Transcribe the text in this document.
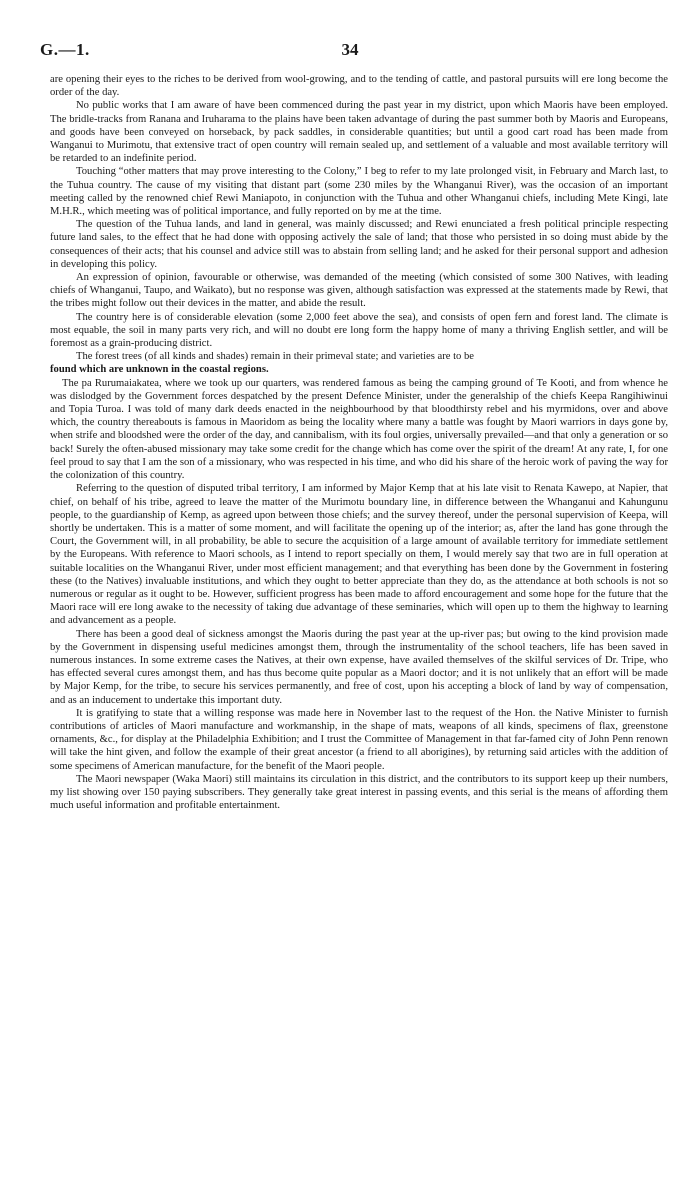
G.—1.	34

are opening their eyes to the riches to be derived from wool-growing, and to the tending of cattle, and pastoral pursuits will ere long become the order of the day.

No public works that I am aware of have been commenced during the past year in my district, upon which Maoris have been employed. The bridle-tracks from Ranana and Iruharama to the plains have been taken advantage of during the past summer both by Maoris and Europeans, and goods have been conveyed on horseback, by pack saddles, in considerable quantities; but until a good cart road has been made from Wanganui to Murimotu, that extensive tract of open country will remain sealed up, and settlement of a valuable and most available territory will be retarded to an indefinite period.

Touching “other matters that may prove interesting to the Colony,” I beg to refer to my late prolonged visit, in February and March last, to the Tuhua country. The cause of my visiting that distant part (some 230 miles by the Whanganui River), was the occasion of an important meeting called by the renowned chief Rewi Maniapoto, in conjunction with the Tuhua and other Whanganui chiefs, including Mete Kingi, late M.H.R., which meeting was of political importance, and fully reported on by me at the time.

The question of the Tuhua lands, and land in general, was mainly discussed; and Rewi enunciated a fresh political principle respecting future land sales, to the effect that he had done with opposing actively the sale of land; that those who persisted in so doing must abide by the consequences of their acts; that his counsel and advice still was to abstain from selling land; and he asked for their personal support and adhesion in developing this policy.

An expression of opinion, favourable or otherwise, was demanded of the meeting (which consisted of some 300 Natives, with leading chiefs of Whanganui, Taupo, and Waikato), but no response was given, although satisfaction was expressed at the statements made by Rewi, that the tribes might follow out their devices in the matter, and abide the result.

The country here is of considerable elevation (some 2,000 feet above the sea), and consists of open fern and forest land. The climate is most equable, the soil in many parts very rich, and will no doubt ere long form the happy home of many a thriving English settler, and will be foremost as a grain-producing district.

The forest trees (of all kinds and shades) remain in their primeval state; and varieties are to be

found which are unknown in the coastal regions.

The pa Rurumaiakatea, where we took up our quarters, was rendered famous as being the camping ground of Te Kooti, and from whence he was dislodged by the Government forces despatched by the present Defence Minister, under the generalship of the chiefs Keepa Rangihiwinui and Topia Turoa. I was told of many dark deeds enacted in the neighbourhood by that bloodthirsty rebel and his myrmidons, over and above which, the country thereabouts is famous in Maoridom as being the locality where many a battle was fought by Maori warriors in days gone by, when strife and bloodshed were the order of the day, and cannibalism, with its foul orgies, universally prevailed—and that only a generation or so back! Surely the often-abused missionary may take some credit for the change which has come over the spirit of the dream! At any rate, I, for one feel proud to say that I am the son of a missionary, who was respected in his time, and who did his share of the heroic work of paving the way for the colonization of this country.

Referring to the question of disputed tribal territory, I am informed by Major Kemp that at his late visit to Renata Kawepo, at Napier, that chief, on behalf of his tribe, agreed to leave the matter of the Murimotu boundary line, in difference between the Whanganui and Kahungunu people, to the guardianship of Kemp, as agreed upon between those chiefs; and the survey thereof, under the personal supervision of Keepa, will shortly be undertaken. This is a matter of some moment, and will facilitate the opening up of the interior; as, after the land has gone through the Court, the Government will, in all probability, be able to secure the acquisition of a large amount of available territory for immediate settlement by the Europeans. With reference to Maori schools, as I intend to report specially on them, I would merely say that two are in full operation at suitable localities on the Whanganui River, under most efficient management; and that everything has been done by the Government in fostering these (to the Natives) invaluable institutions, and which they ought to better appreciate than they do, as the attendance at both schools is not so numerous or regular as it ought to be. However, sufficient progress has been made to afford encouragement and some hope for the future that the Maori race will ere long awake to the necessity of taking due advantage of these seminaries, which will open up to them the highway to learning and advancement as a people.

There has been a good deal of sickness amongst the Maoris during the past year at the up-river pas; but owing to the kind provision made by the Government in dispensing useful medicines amongst them, through the instrumentality of the school teachers, life has been saved in numerous instances. In some extreme cases the Natives, at their own expense, have availed themselves of the skilful services of Dr. Tripe, who has effected several cures amongst them, and has thus become quite popular as a Maori doctor; and it is not unlikely that an effort will be made by Major Kemp, for the tribe, to secure his services permanently, and free of cost, upon his accepting a block of land by way of compensation, and as an inducement to undertake this important duty.

It is gratifying to state that a willing response was made here in November last to the request of the Hon. the Native Minister to furnish contributions of articles of Maori manufacture and workmanship, in the shape of mats, weapons of all kinds, specimens of flax, greenstone ornaments, &c., for display at the Philadelphia Exhibition; and I trust the Committee of Management in that far-famed city of John Penn renown will take the hint given, and follow the example of their great ancestor (a friend to all aborigines), by returning said articles with the addition of some specimens of American manufacture, for the benefit of the Maori people.

The Maori newspaper (Waka Maori) still maintains its circulation in this district, and the contributors to its support keep up their numbers, my list showing over 150 paying subscribers. They generally take great interest in passing events, and this serial is the means of affording them much useful information and profitable entertainment.
